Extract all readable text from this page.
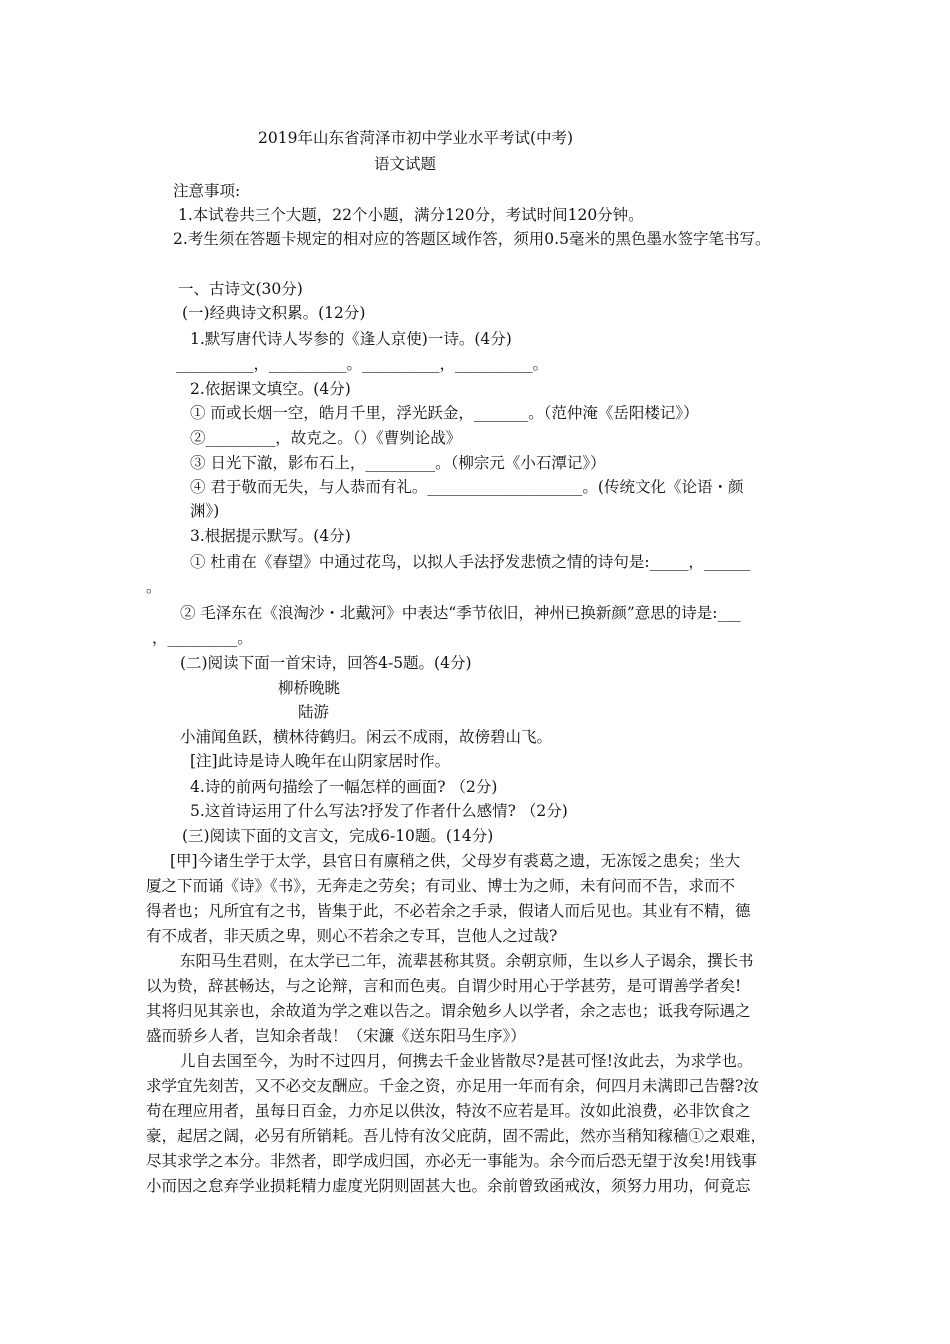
2019年山东省菏泽市初中学业水平考试(中考)
语文试题
注意事项:
1.本试卷共三个大题，22个小题，满分120分，考试时间120分钟。
2.考生须在答题卡规定的相对应的答题区域作答，须用0.5毫米的黑色墨水签字笔书写。
一、古诗文(30分)
(一)经典诗文积累。(12分)
1.默写唐代诗人岑参的《逢人京使)一诗。(4分)
__________，__________。__________，__________。
2.依据课文填空。(4分)
① 而或长烟一空，皓月千里，浮光跃金，_______。（范仲淹《岳阳楼记》）
②_________，故克之。（）《曹刿论战》
③ 日光下澈，影布石上，_________。（柳宗元《小石潭记》）
④ 君于敬而无失，与人恭而有礼。____________________。(传统文化《论语・颜
渊》)
3.根据提示默写。(4分)
① 杜甫在《春望》中通过花鸟，以拟人手法抒发悲愤之情的诗句是:_____，______
。
② 毛泽东在《浪淘沙・北戴河》中表达“季节依旧，神州已换新颜”意思的诗是:___
，_________。
(二)阅读下面一首宋诗，回答4-5题。(4分)
柳桥晚眺
陆游
小浦闻鱼跃，横林待鹤归。闲云不成雨，故傍碧山飞。
[注]此诗是诗人晚年在山阴家居时作。
4.诗的前两句描绘了一幅怎样的画面? （2分)
5.这首诗运用了什么写法?抒发了作者什么感情? （2分)
(三)阅读下面的文言文，完成6-10题。(14分)
[甲]今诸生学于太学，县官日有廪稍之供，父母岁有裘葛之遗，无冻馁之患矣；坐大
厦之下而诵《诗》《书》，无奔走之劳矣；有司业、博士为之师，未有问而不告，求而不
得者也；凡所宜有之书，皆集于此，不必若余之手录，假诸人而后见也。其业有不精，德
有不成者，非天质之卑，则心不若余之专耳，岂他人之过哉?
东阳马生君则，在太学已二年，流辈甚称其贤。余朝京师，生以乡人子谒余，撰长书
以为贽，辞甚畅达，与之论辩，言和而色夷。自谓少时用心于学甚劳，是可谓善学者矣!
其将归见其亲也，余故道为学之难以告之。谓余勉乡人以学者，余之志也；诋我夸际遇之
盛而骄乡人者，岂知余者哉！（宋濂《送东阳马生序》）
儿自去国至今，为时不过四月，何携去千金业皆散尽?是甚可怪!汝此去，为求学也。
求学宜先刻苦，又不必交友酬应。千金之资，亦足用一年而有余，何四月未满即己告罄?汝
苟在理应用者，虽每日百金，力亦足以供汝，特汝不应若是耳。汝如此浪费，必非饮食之
豪，起居之阔，必另有所销耗。吾儿恃有汝父庇荫，固不需此，然亦当稍知稼穑①之艰难，
尽其求学之本分。非然者，即学成归国，亦必无一事能为。余今而后恐无望于汝矣!用钱事
小而因之怠弃学业损耗精力虚度光阴则固甚大也。余前曾致函戒汝，须努力用功，何竟忘
